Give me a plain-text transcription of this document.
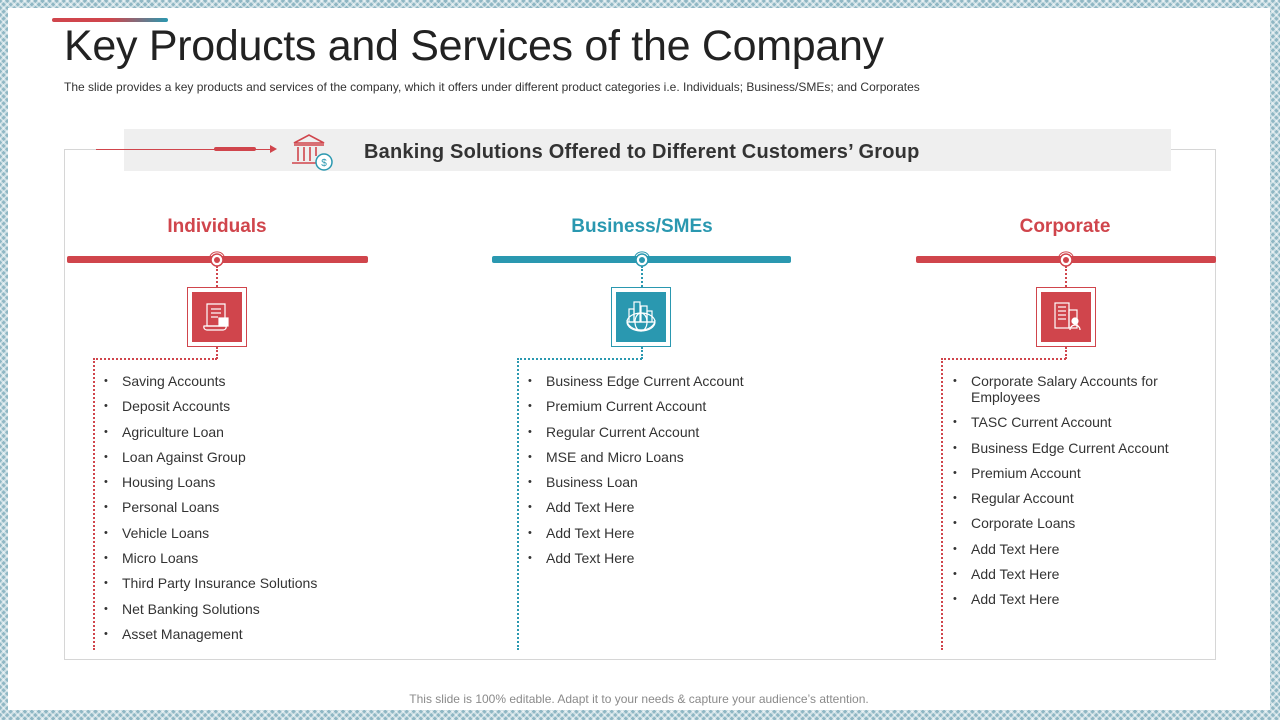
Key Products and Services of the Company

The slide provides a key products and services of the company, which it offers under different product categories i.e. Individuals; Business/SMEs; and Corporates

Banking Solutions Offered to Different Customers’ Group
$
Individuals
• Saving Accounts
• Deposit Accounts
• Agriculture Loan
• Loan Against Group
• Housing Loans
• Personal Loans
• Vehicle Loans
• Micro Loans
• Third Party Insurance Solutions
• Net Banking Solutions
• Asset Management
Business/SMEs
• Business Edge Current Account
• Premium Current Account
• Regular Current Account
• MSE and Micro Loans
• Business Loan
• Add Text Here
• Add Text Here
• Add Text Here
Corporate
• Corporate Salary Accounts for Employees
• TASC Current Account
• Business Edge Current Account
• Premium Account
• Regular Account
• Corporate Loans
• Add Text Here
• Add Text Here
• Add Text Here
This slide is 100% editable. Adapt it to your needs & capture your audience’s attention.
